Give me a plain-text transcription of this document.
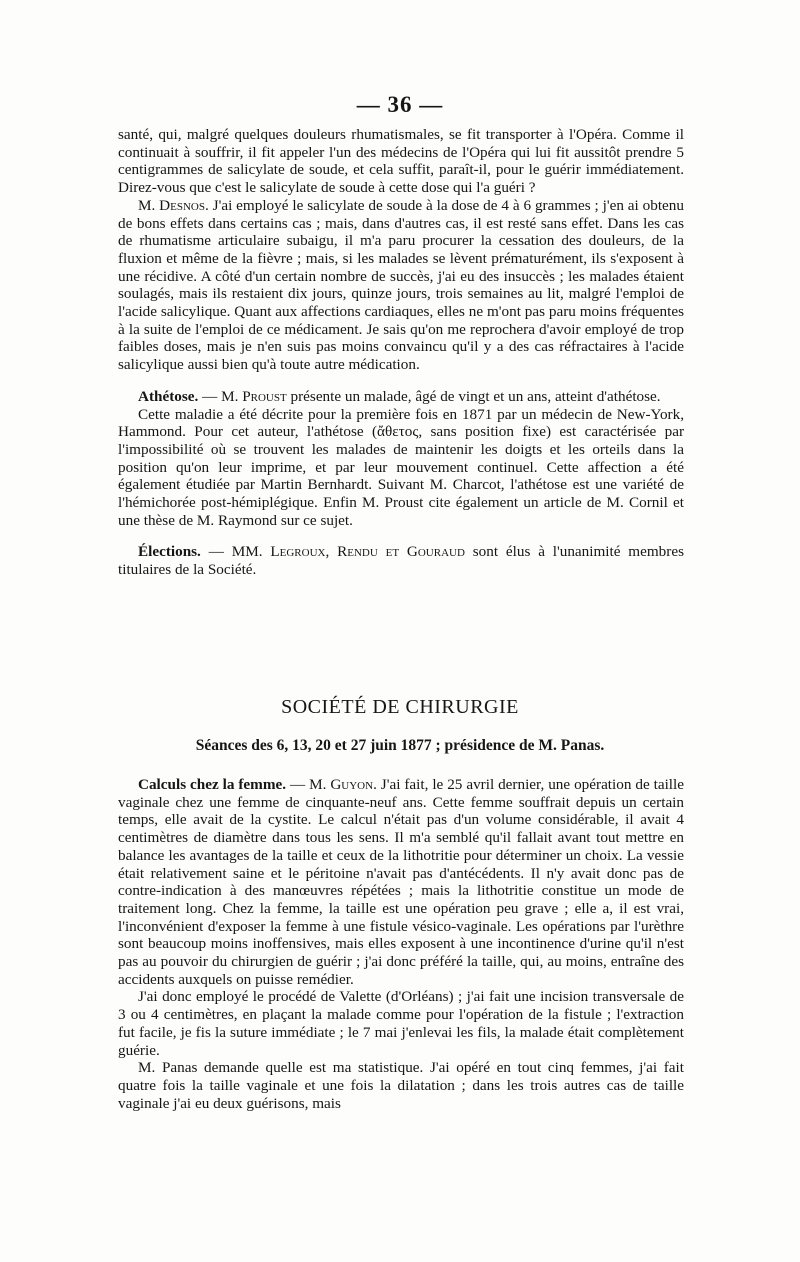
— 36 —

santé, qui, malgré quelques douleurs rhumatismales, se fit transporter à l'Opéra. Comme il continuait à souffrir, il fit appeler l'un des médecins de l'Opéra qui lui fit aussitôt prendre 5 centigrammes de salicylate de soude, et cela suffit, paraît-il, pour le guérir immédiatement. Direz-vous que c'est le salicylate de soude à cette dose qui l'a guéri ?

M. Desnos. J'ai employé le salicylate de soude à la dose de 4 à 6 grammes ; j'en ai obtenu de bons effets dans certains cas ; mais, dans d'autres cas, il est resté sans effet. Dans les cas de rhumatisme articulaire subaigu, il m'a paru procurer la cessation des douleurs, de la fluxion et même de la fièvre ; mais, si les malades se lèvent prématurément, ils s'exposent à une récidive. A côté d'un certain nombre de succès, j'ai eu des insuccès ; les malades étaient soulagés, mais ils restaient dix jours, quinze jours, trois semaines au lit, malgré l'emploi de l'acide salicylique. Quant aux affections cardiaques, elles ne m'ont pas paru moins fréquentes à la suite de l'emploi de ce médicament. Je sais qu'on me reprochera d'avoir employé de trop faibles doses, mais je n'en suis pas moins convaincu qu'il y a des cas réfractaires à l'acide salicylique aussi bien qu'à toute autre médication.

Athétose. — M. Proust présente un malade, âgé de vingt et un ans, atteint d'athétose.

Cette maladie a été décrite pour la première fois en 1871 par un médecin de New-York, Hammond. Pour cet auteur, l'athétose (ἄθετος, sans position fixe) est caractérisée par l'impossibilité où se trouvent les malades de maintenir les doigts et les orteils dans la position qu'on leur imprime, et par leur mouvement continuel. Cette affection a été également étudiée par Martin Bernhardt. Suivant M. Charcot, l'athétose est une variété de l'hémichorée post-hémiplégique. Enfin M. Proust cite également un article de M. Cornil et une thèse de M. Raymond sur ce sujet.

Élections. — MM. Legroux, Rendu et Gouraud sont élus à l'unanimité membres titulaires de la Société.

SOCIÉTÉ DE CHIRURGIE
Séances des 6, 13, 20 et 27 juin 1877 ; présidence de M. Panas.

Calculs chez la femme. — M. Guyon. J'ai fait, le 25 avril dernier, une opération de taille vaginale chez une femme de cinquante-neuf ans. Cette femme souffrait depuis un certain temps, elle avait de la cystite. Le calcul n'était pas d'un volume considérable, il avait 4 centimètres de diamètre dans tous les sens. Il m'a semblé qu'il fallait avant tout mettre en balance les avantages de la taille et ceux de la lithotritie pour déterminer un choix. La vessie était relativement saine et le péritoine n'avait pas d'antécédents. Il n'y avait donc pas de contre-indication à des manœuvres répétées ; mais la lithotritie constitue un mode de traitement long. Chez la femme, la taille est une opération peu grave ; elle a, il est vrai, l'inconvénient d'exposer la femme à une fistule vésico-vaginale. Les opérations par l'urèthre sont beaucoup moins inoffensives, mais elles exposent à une incontinence d'urine qu'il n'est pas au pouvoir du chirurgien de guérir ; j'ai donc préféré la taille, qui, au moins, entraîne des accidents auxquels on puisse remédier.

J'ai donc employé le procédé de Valette (d'Orléans) ; j'ai fait une incision transversale de 3 ou 4 centimètres, en plaçant la malade comme pour l'opération de la fistule ; l'extraction fut facile, je fis la suture immédiate ; le 7 mai j'enlevai les fils, la malade était complètement guérie.

M. Panas demande quelle est ma statistique. J'ai opéré en tout cinq femmes, j'ai fait quatre fois la taille vaginale et une fois la dilatation ; dans les trois autres cas de taille vaginale j'ai eu deux guérisons, mais
